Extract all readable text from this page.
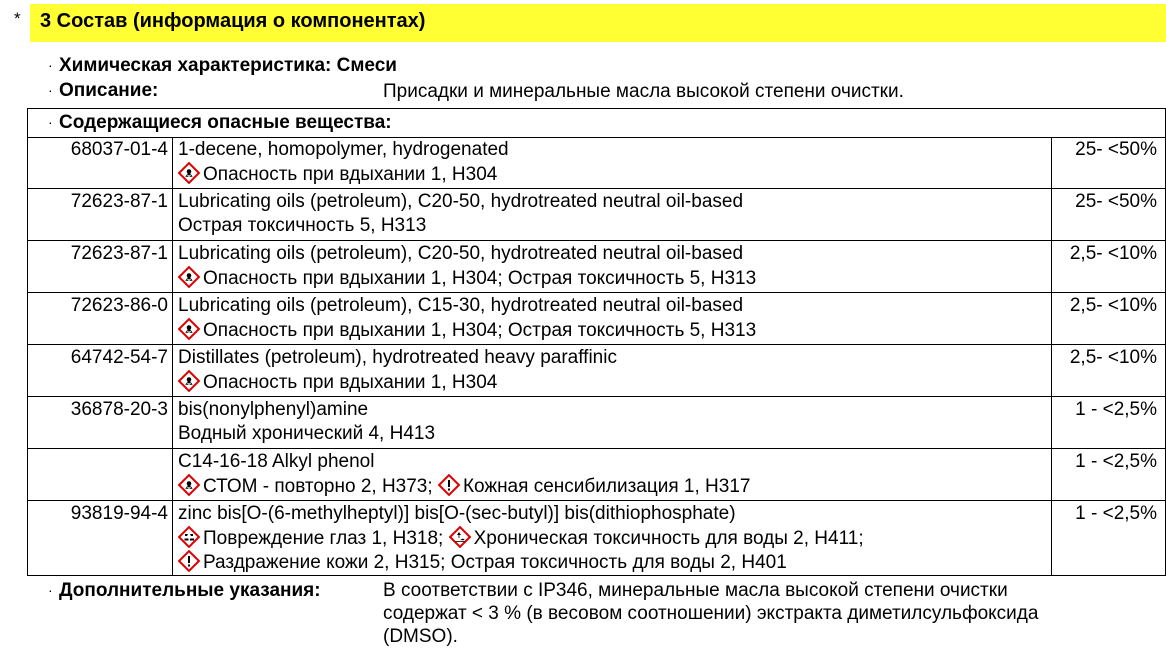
* 3 Состав (информация о компонентах)
· Химическая характеристика: Смеси
· Описание:	Присадки и минеральные масла высокой степени очистки.
· Содержащиеся опасные вещества:
68037-01-4 1-decene, homopolymer, hydrogenated
Опасность при вдыхании 1, H304
25- <50%
72623-87-1 Lubricating oils (petroleum), C20-50, hydrotreated neutral oil-based
Острая токсичность 5, H313
25- <50%
72623-87-1 Lubricating oils (petroleum), C20-50, hydrotreated neutral oil-based
Опасность при вдыхании 1, H304; Острая токсичность 5, H313
2,5- <10%
72623-86-0 Lubricating oils (petroleum), C15-30, hydrotreated neutral oil-based
Опасность при вдыхании 1, H304; Острая токсичность 5, H313
2,5- <10%
64742-54-7 Distillates (petroleum), hydrotreated heavy paraffinic
Опасность при вдыхании 1, H304
2,5- <10%
36878-20-3 bis(nonylphenyl)amine
Водный хронический 4, H413
1 - <2,5%
C14-16-18 Alkyl phenol
СТОМ - повторно 2, H373; Кожная сенсибилизация 1, H317
1 - <2,5%
93819-94-4 zinc bis[O-(6-methylheptyl)] bis[O-(sec-butyl)] bis(dithiophosphate)
Повреждение глаз 1, H318; Хроническая токсичность для воды 2, H411;
Раздражение кожи 2, H315; Острая токсичность для воды 2, H401
1 - <2,5%
· Дополнительные указания:	В соответствии с IP346, минеральные масла высокой степени очистки
содержат < 3 % (в весовом соотношении) экстракта диметилсульфоксида
(DMSO).
